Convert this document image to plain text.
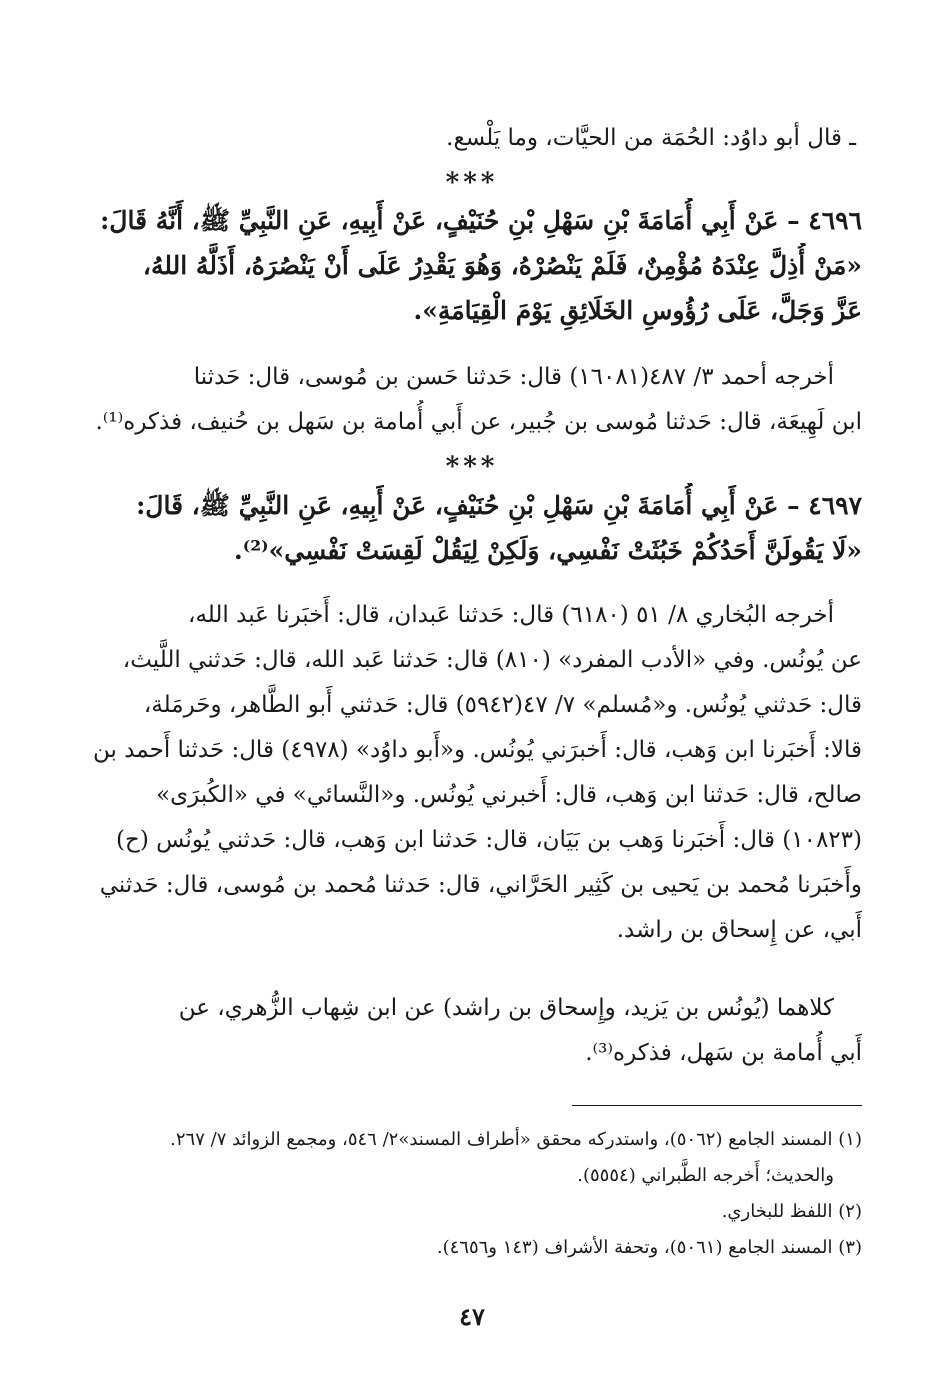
ـ قال أبو داوُد: الحُمَة من الحيَّات، وما يَلْسع.
***
٤٦٩٦ – عَنْ أَبِي أُمَامَةَ بْنِ سَهْلِ بْنِ حُنَيْفٍ، عَنْ أَبِيهِ، عَنِ النَّبِيِّ ﷺ، أَنَّهُ قَالَ:
«مَنْ أُذِلَّ عِنْدَهُ مُؤْمِنٌ، فَلَمْ يَنْصُرْهُ، وَهُوَ يَقْدِرُ عَلَى أَنْ يَنْصُرَهُ، أَذَلَّهُ اللهُ،
عَزَّ وَجَلَّ، عَلَى رُؤُوسِ الخَلَائِقِ يَوْمَ الْقِيَامَةِ».
أخرجه أحمد ٣/ ٤٨٧(١٦٠٨١) قال: حَدثنا حَسن بن مُوسى، قال: حَدثنا
ابن لَهِيعَة، قال: حَدثنا مُوسى بن جُبير، عن أَبي أُمامة بن سَهل بن حُنيف، فذكره⁽¹⁾.
***
٤٦٩٧ – عَنْ أَبِي أُمَامَةَ بْنِ سَهْلِ بْنِ حُنَيْفٍ، عَنْ أَبِيهِ، عَنِ النَّبِيِّ ﷺ، قَالَ:
«لَا يَقُولَنَّ أَحَدُكُمْ خَبُثَتْ نَفْسِي، وَلَكِنْ لِيَقُلْ لَقِسَتْ نَفْسِي»⁽²⁾.
أخرجه البُخاري ٨/ ٥١ (٦١٨٠) قال: حَدثنا عَبدان، قال: أَخبَرنا عَبد الله،
عن يُونُس. وفي «الأدب المفرد» (٨١٠) قال: حَدثنا عَبد الله، قال: حَدثني اللَّيث،
قال: حَدثني يُونُس. و«مُسلم» ٧/ ٤٧(٥٩٤٢) قال: حَدثني أَبو الطَّاهر، وحَرمَلة،
قالا: أَخبَرنا ابن وَهب، قال: أَخبرَني يُونُس. و«أَبو داوُد» (٤٩٧٨) قال: حَدثنا أَحمد بن
صالح، قال: حَدثنا ابن وَهب، قال: أَخبرني يُونُس. و«النَّسائي» في «الكُبرَى»
(١٠٨٢٣) قال: أَخبَرنا وَهب بن بَيَان، قال: حَدثنا ابن وَهب، قال: حَدثني يُونُس (ح)
وأَخبَرنا مُحمد بن يَحيى بن كَثِير الحَرَّاني، قال: حَدثنا مُحمد بن مُوسى، قال: حَدثني
أَبي، عن إِسحاق بن راشد.
كلاهما (يُونُس بن يَزيد، وإِسحاق بن راشد) عن ابن شِهاب الزُّهري، عن
أَبي أُمامة بن سَهل، فذكره⁽³⁾.
(١) المسند الجامع (٥٠٦٢)، واستدركه محقق «أطراف المسند»٢/ ٥٤٦، ومجمع الزوائد ٧/ ٢٦٧.
والحديث؛ أَخرجه الطَّبراني (٥٥٥٤).
(٢) اللفظ للبخاري.
(٣) المسند الجامع (٥٠٦١)، وتحفة الأشراف (١٤٣ و٤٦٥٦).
٤٧
